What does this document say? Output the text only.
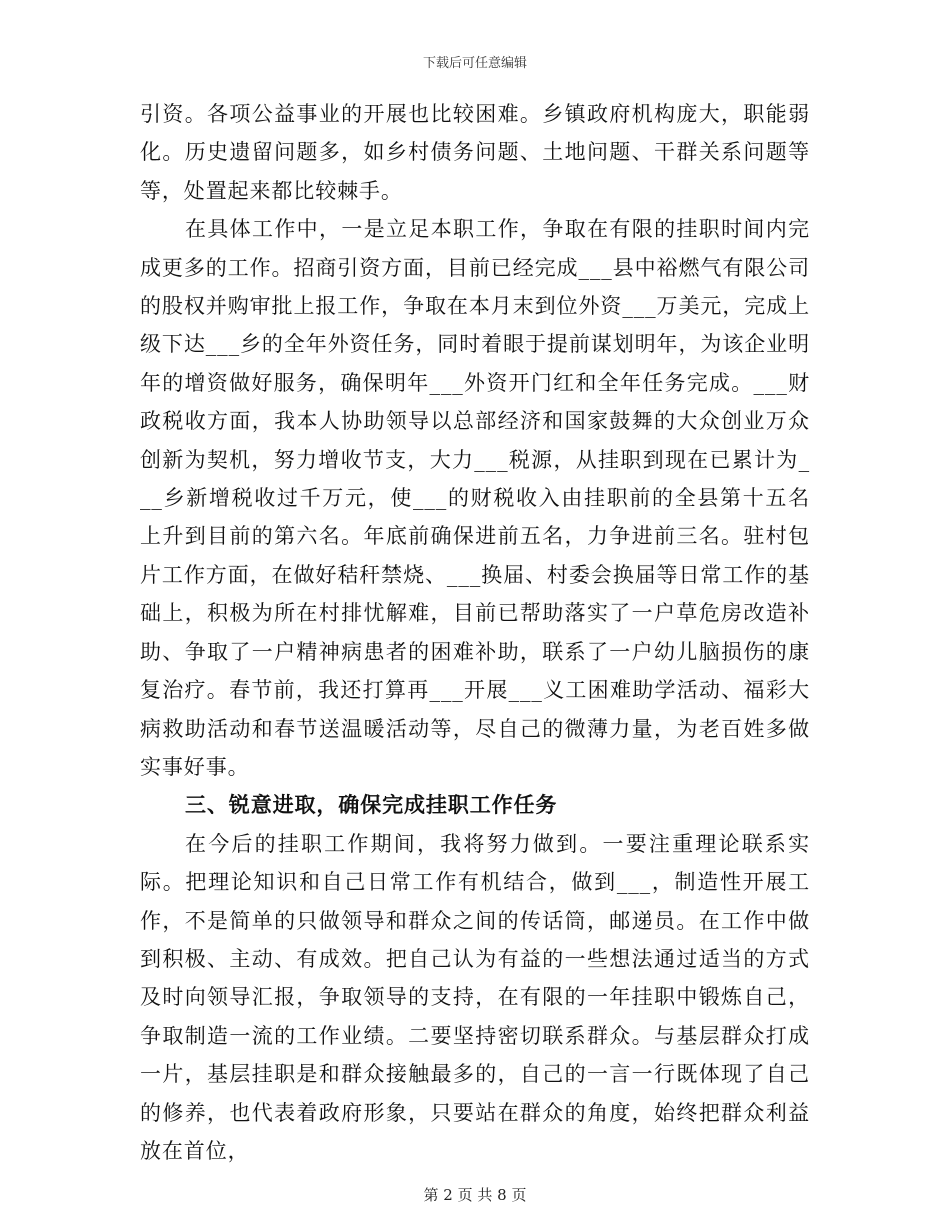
下载后可任意编辑

引资。各项公益事业的开展也比较困难。乡镇政府机构庞大，职能弱化。历史遗留问题多，如乡村债务问题、土地问题、干群关系问题等等，处置起来都比较棘手。

在具体工作中，一是立足本职工作，争取在有限的挂职时间内完成更多的工作。招商引资方面，目前已经完成___县中裕燃气有限公司的股权并购审批上报工作，争取在本月末到位外资___万美元，完成上级下达___乡的全年外资任务，同时着眼于提前谋划明年，为该企业明年的增资做好服务，确保明年___外资开门红和全年任务完成。___财政税收方面，我本人协助领导以总部经济和国家鼓舞的大众创业万众创新为契机，努力增收节支，大力___税源，从挂职到现在已累计为___乡新增税收过千万元，使___的财税收入由挂职前的全县第十五名上升到目前的第六名。年底前确保进前五名，力争进前三名。驻村包片工作方面，在做好秸秆禁烧、___换届、村委会换届等日常工作的基础上，积极为所在村排忧解难，目前已帮助落实了一户草危房改造补助、争取了一户精神病患者的困难补助，联系了一户幼儿脑损伤的康复治疗。春节前，我还打算再___开展___义工困难助学活动、福彩大病救助活动和春节送温暖活动等，尽自己的微薄力量，为老百姓多做实事好事。

三、锐意进取，确保完成挂职工作任务

在今后的挂职工作期间，我将努力做到。一要注重理论联系实际。把理论知识和自己日常工作有机结合，做到___，制造性开展工作，不是简单的只做领导和群众之间的传话筒，邮递员。在工作中做到积极、主动、有成效。把自己认为有益的一些想法通过适当的方式及时向领导汇报，争取领导的支持，在有限的一年挂职中锻炼自己，争取制造一流的工作业绩。二要坚持密切联系群众。与基层群众打成一片，基层挂职是和群众接触最多的，自己的一言一行既体现了自己的修养，也代表着政府形象，只要站在群众的角度，始终把群众利益放在首位，

第 2 页 共 8 页
